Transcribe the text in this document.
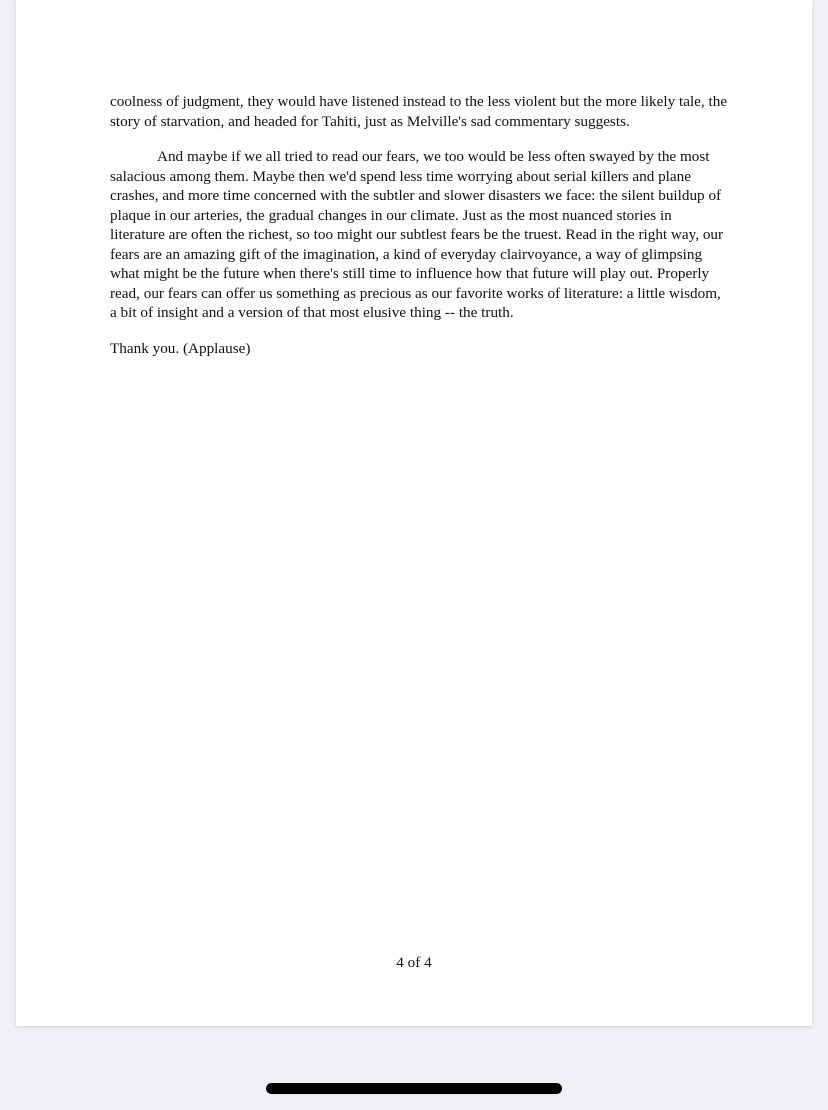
coolness of judgment, they would have listened instead to the less violent but the more likely tale, the story of starvation, and headed for Tahiti, just as Melville's sad commentary suggests.

And maybe if we all tried to read our fears, we too would be less often swayed by the most salacious among them. Maybe then we'd spend less time worrying about serial killers and plane crashes, and more time concerned with the subtler and slower disasters we face: the silent buildup of plaque in our arteries, the gradual changes in our climate. Just as the most nuanced stories in literature are often the richest, so too might our subtlest fears be the truest. Read in the right way, our fears are an amazing gift of the imagination, a kind of everyday clairvoyance, a way of glimpsing what might be the future when there's still time to influence how that future will play out. Properly read, our fears can offer us something as precious as our favorite works of literature: a little wisdom, a bit of insight and a version of that most elusive thing -- the truth.

Thank you. (Applause)

4 of 4
